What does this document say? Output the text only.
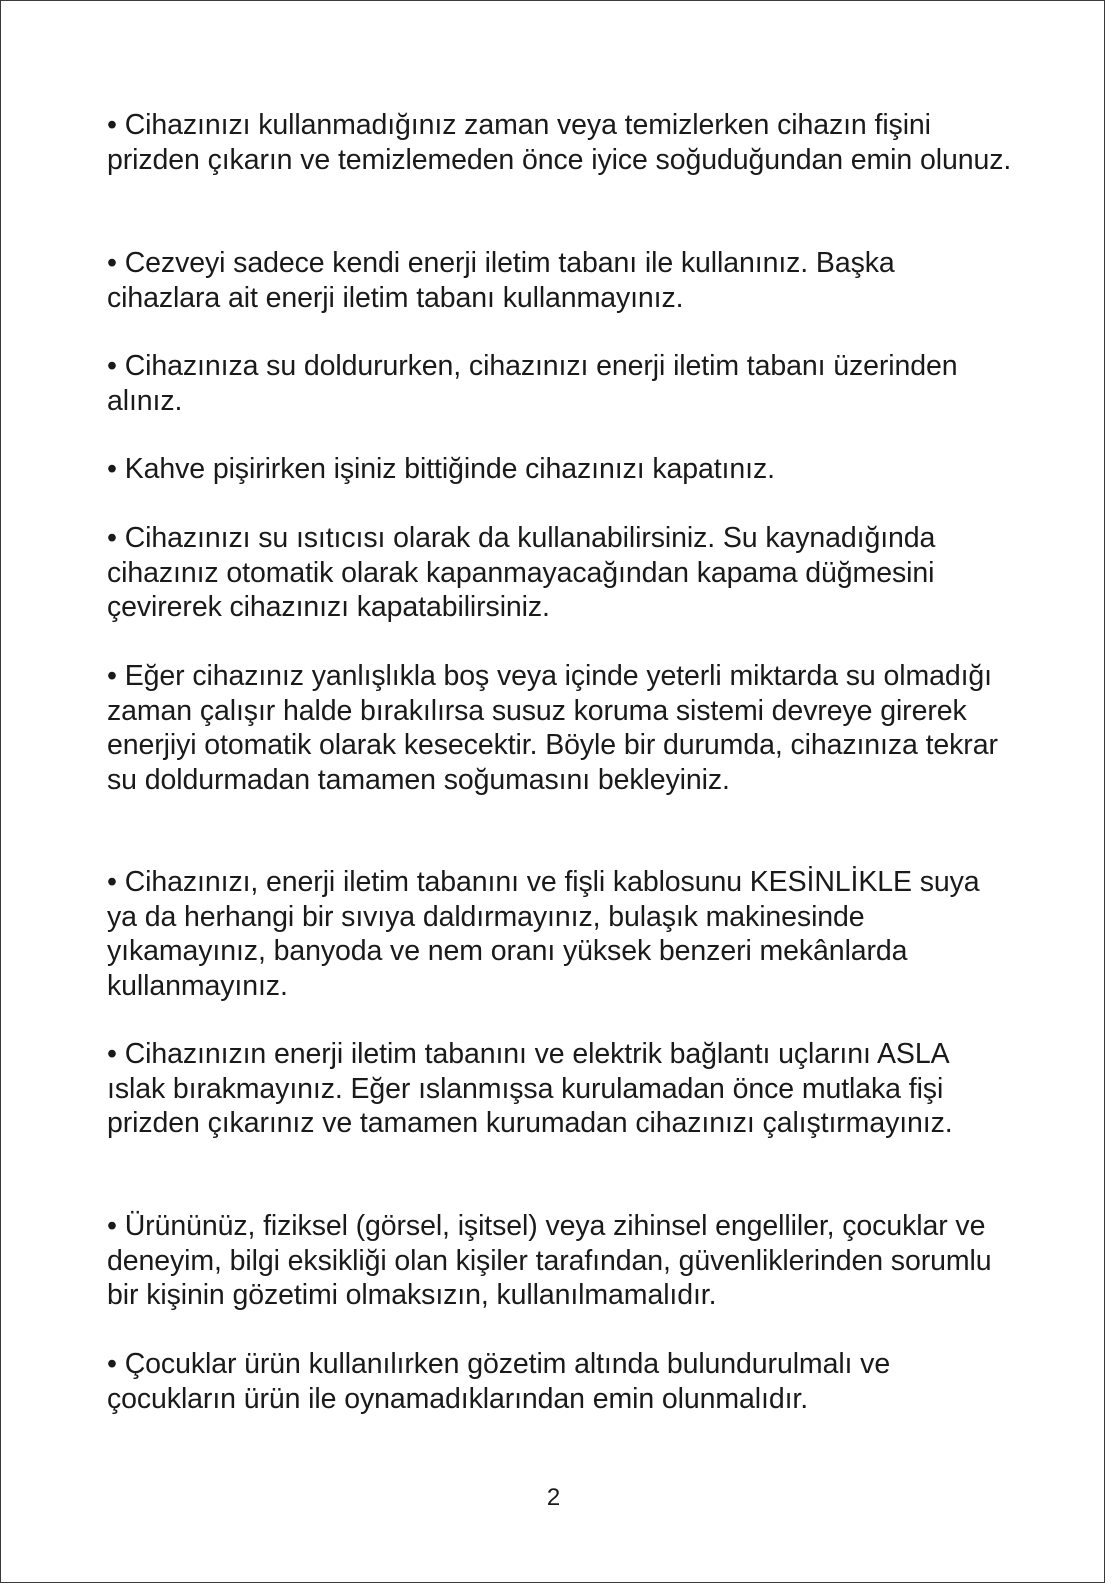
• Cihazınızı kullanmadığınız zaman veya temizlerken cihazın fişini prizden çıkarın ve temizlemeden önce iyice soğuduğundan emin olunuz.

• Cezveyi sadece kendi enerji iletim tabanı ile kullanınız. Başka cihazlara ait enerji iletim tabanı kullanmayınız.

• Cihazınıza su doldururken, cihazınızı enerji iletim tabanı üzerinden alınız.

• Kahve pişirirken işiniz bittiğinde cihazınızı kapatınız.

• Cihazınızı su ısıtıcısı olarak da kullanabilirsiniz. Su kaynadığında cihazınız otomatik olarak kapanmayacağından kapama düğmesini çevirerek cihazınızı kapatabilirsiniz.

• Eğer cihazınız yanlışlıkla boş veya içinde yeterli miktarda su olmadığı zaman çalışır halde bırakılırsa susuz koruma sistemi devreye girerek enerjiyi otomatik olarak kesecektir. Böyle bir durumda, cihazınıza tekrar su doldurmadan tamamen soğumasını bekleyiniz.

• Cihazınızı, enerji iletim tabanını ve fişli kablosunu KESİNLİKLE suya ya da herhangi bir sıvıya daldırmayınız, bulaşık makinesinde yıkamayınız, banyoda ve nem oranı yüksek benzeri mekânlarda kullanmayınız.

• Cihazınızın enerji iletim tabanını ve elektrik bağlantı uçlarını ASLA ıslak bırakmayınız. Eğer ıslanmışsa kurulamadan önce mutlaka fişi prizden çıkarınız ve tamamen kurumadan cihazınızı çalıştırmayınız.

• Ürününüz, fiziksel (görsel, işitsel) veya zihinsel engelliler, çocuklar ve deneyim, bilgi eksikliği olan kişiler tarafından, güvenliklerinden sorumlu bir kişinin gözetimi olmaksızın, kullanılmamalıdır.

• Çocuklar ürün kullanılırken gözetim altında bulundurulmalı ve çocukların ürün ile oynamadıklarından emin olunmalıdır.

2
